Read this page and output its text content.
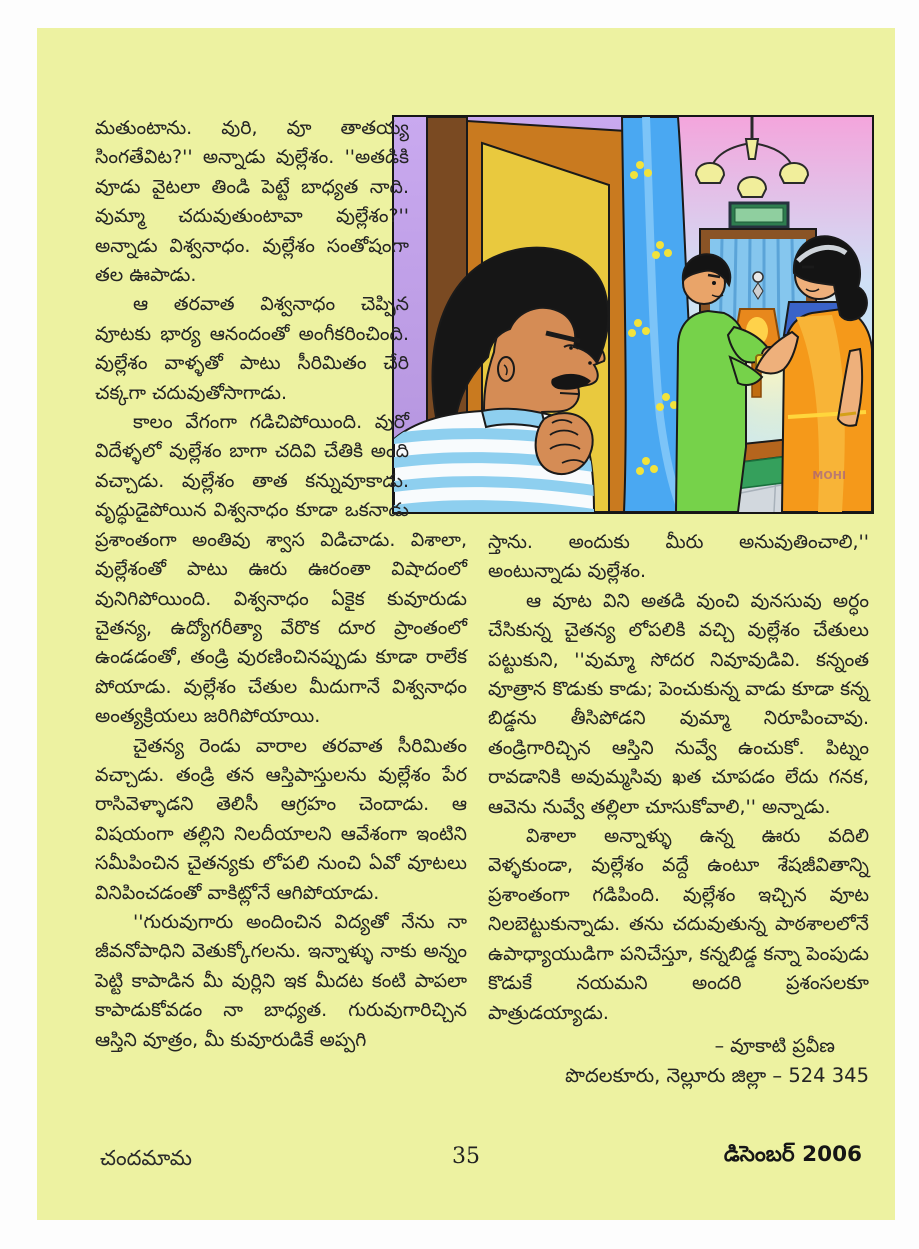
MOHI

మతుంటాను. వురి, వూ తాతయ్య సింగతేవిట?'' అన్నాడు వుల్లేశం. ''అతడికి వూడు వైటలా తిండి పెట్టే బాధ్యత నాది. వుమ్మా చదువుతుంటావా వుల్లేశం?'' అన్నాడు విశ్వనాధం. వుల్లేశం సంతోషంగా తల ఊపాడు.

ఆ తరవాత విశ్వనాధం చెప్పిన వూటకు భార్య ఆనందంతో అంగీకరించింది. వుల్లేశం వాళ్ళతో పాటు సీరిమితం చేరి చక్కగా చదువుతోసాగాడు.

కాలం వేగంగా గడిచిపోయింది. వురో విదేళ్ళలో వుల్లేశం బాగా చదివి చేతికి అంది వచ్చాడు. వుల్లేశం తాత కన్నువూకాడు. వృద్ధుడైపోయిన విశ్వనాధం కూడా ఒకనాడు ప్రశాంతంగా అంతివు శ్వాస విడిచాడు. విశాలా, వుల్లేశంతో పాటు ఊరు ఊరంతా విషాదంలో వునిగిపోయింది. విశ్వనాధం ఏకైక కువూరుడు చైతన్య, ఉద్యోగరీత్యా వేరొక దూర ప్రాంతంలో ఉండడంతో, తండ్రి వురణించినప్పుడు కూడా రాలేక పోయాడు. వుల్లేశం చేతుల మీదుగానే విశ్వనాధం అంత్యక్రియలు జరిగిపోయాయి.

చైతన్య రెండు వారాల తరవాత సీరిమితం వచ్చాడు. తండ్రి తన ఆస్తిపాస్తులను వుల్లేశం పేర రాసివెళ్ళాడని తెలిసీ ఆగ్రహం చెందాడు. ఆ విషయంగా తల్లిని నిలదీయాలని ఆవేశంగా ఇంటిని సమీపించిన చైతన్యకు లోపలి నుంచి ఏవో వూటలు వినిపించడంతో వాకిట్లోనే ఆగిపోయాడు.

''గురువుగారు అందించిన విద్యతో నేను నా జీవనోపాధిని వెతుక్కోగలను. ఇన్నాళ్ళు నాకు అన్నం పెట్టి కాపాడిన మీ వుర్లిని ఇక మీదట కంటి పాపలా కాపాడుకోవడం నా బాధ్యత. గురువుగారిచ్చిన ఆస్తిని వూత్రం, మీ కువూరుడికే అప్పగి

స్తాను. అందుకు మీరు అనువుతించాలి,'' అంటున్నాడు వుల్లేశం.

ఆ వూట విని అతడి వుంచి వునసువు అర్ధం చేసికున్న చైతన్య లోపలికి వచ్చి వుల్లేశం చేతులు పట్టుకుని, ''వుమ్మా సోదర నివూవుడివి. కన్నంత వూత్రాన కొడుకు కాడు; పెంచుకున్న వాడు కూడా కన్న బిడ్డను తీసిపోడని వుమ్మా నిరూపించావు. తండ్రిగారిచ్చిన ఆస్తిని నువ్వే ఉంచుకో. పిట్నం రావడానికి అవుమ్మసివు ఖత చూపడం లేదు గనక, ఆవెను నువ్వే తల్లిలా చూసుకోవాలి,'' అన్నాడు.

విశాలా అన్నాళ్ళు ఉన్న ఊరు వదిలి వెళ్ళకుండా, వుల్లేశం వద్దే ఉంటూ శేషజీవితాన్ని ప్రశాంతంగా గడిపింది. వుల్లేశం ఇచ్చిన వూట నిలబెట్టుకున్నాడు. తను చదువుతున్న పాఠశాలలోనే ఉపాధ్యాయుడిగా పనిచేస్తూ, కన్నబిడ్డ కన్నా పెంపుడు కొడుకే నయమని అందరి ప్రశంసలకూ పాత్రుడయ్యాడు.

– వూకాటి ప్రవీణ
పొదలకూరు, నెల్లూరు జిల్లా – 524 345
చందమామ	35	డిసెంబర్ 2006
